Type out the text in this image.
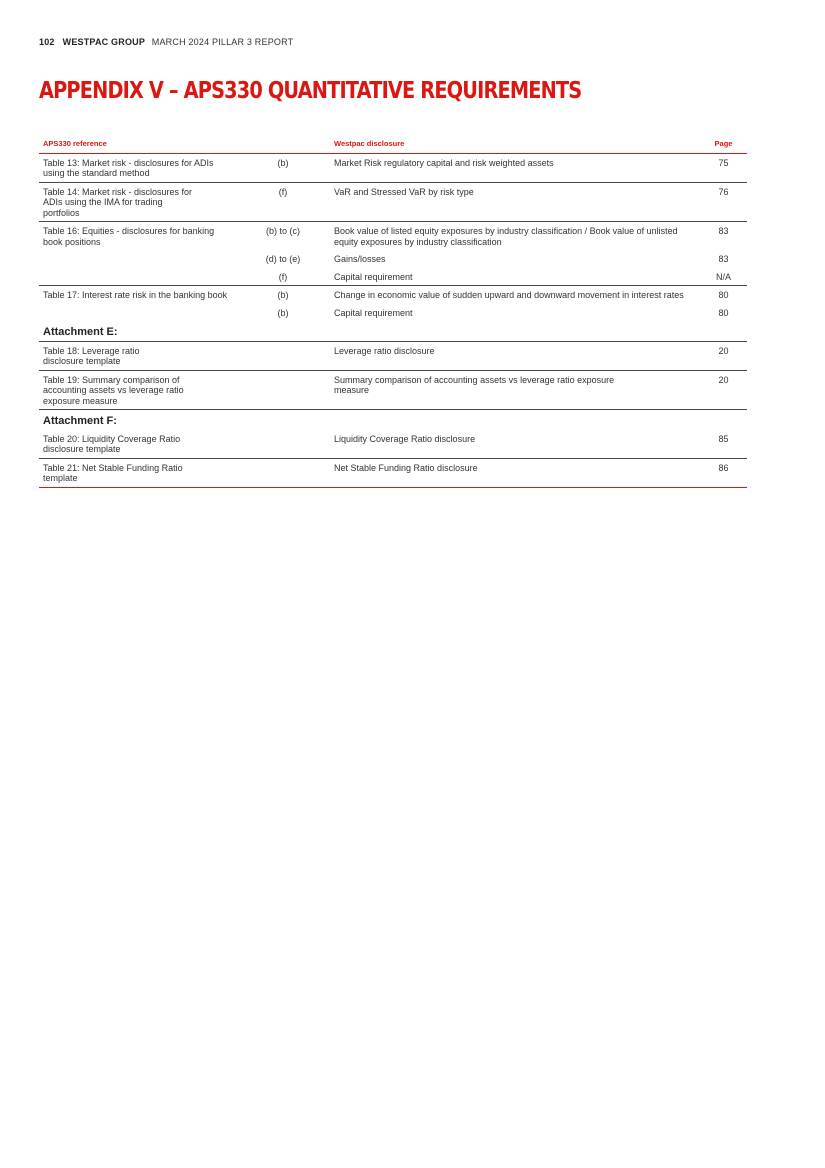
102 WESTPAC GROUP MARCH 2024 PILLAR 3 REPORT
APPENDIX V – APS330 QUANTITATIVE REQUIREMENTS
APS330 reference		Westpac disclosure	Page
Table 13: Market risk - disclosures for ADIs using the standard method	(b)	Market Risk regulatory capital and risk weighted assets	75
Table 14: Market risk - disclosures for ADIs using the IMA for trading portfolios	(f)	VaR and Stressed VaR by risk type	76
Table 16: Equities - disclosures for banking book positions	(b) to (c)	Book value of listed equity exposures by industry classification / Book value of unlisted equity exposures by industry classification	83
	(d) to (e)	Gains/losses	83
	(f)	Capital requirement	N/A
Table 17: Interest rate risk in the banking book	(b)	Change in economic value of sudden upward and downward movement in interest rates	80
	(b)	Capital requirement	80
Attachment E:			
Table 18: Leverage ratio disclosure template		Leverage ratio disclosure	20
Table 19: Summary comparison of accounting assets vs leverage ratio exposure measure		Summary comparison of accounting assets vs leverage ratio exposure measure	20
Attachment F:			
Table 20: Liquidity Coverage Ratio disclosure template		Liquidity Coverage Ratio disclosure	85
Table 21: Net Stable Funding Ratio template		Net Stable Funding Ratio disclosure	86
